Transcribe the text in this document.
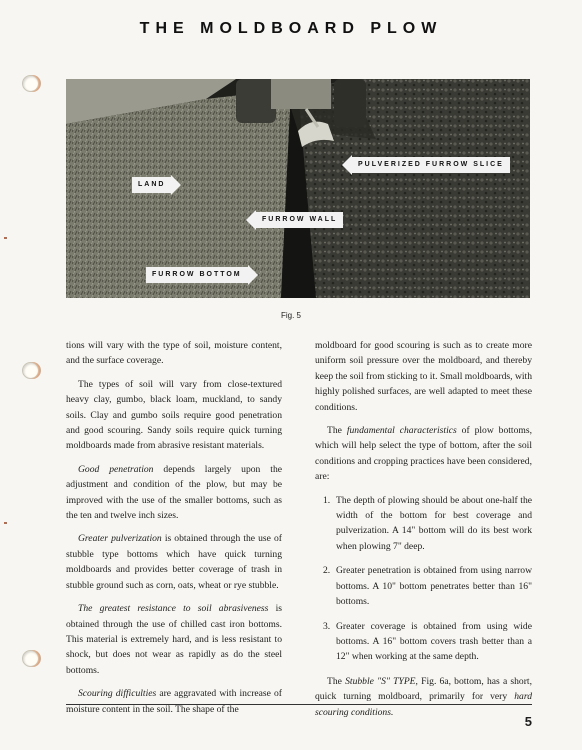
THE MOLDBOARD PLOW
PULVERIZED FURROW SLICE
LAND
FURROW WALL
FURROW BOTTOM
Fig. 5

tions will vary with the type of soil, moisture content, and the surface coverage.

The types of soil will vary from close-textured heavy clay, gumbo, black loam, muckland, to sandy soils. Clay and gumbo soils require good penetration and good scouring. Sandy soils require quick turning moldboards made from abrasive resistant materials.

Good penetration depends largely upon the adjustment and condition of the plow, but may be improved with the use of the smaller bottoms, such as the ten and twelve inch sizes.

Greater pulverization is obtained through the use of stubble type bottoms which have quick turning moldboards and provides better coverage of trash in stubble ground such as corn, oats, wheat or rye stubble.

The greatest resistance to soil abrasiveness is obtained through the use of chilled cast iron bottoms. This material is extremely hard, and is less resistant to shock, but does not wear as rapidly as do the steel bottoms.

Scouring difficulties are aggravated with increase of moisture content in the soil. The shape of the

moldboard for good scouring is such as to create more uniform soil pressure over the moldboard, and thereby keep the soil from sticking to it. Small moldboards, with highly polished surfaces, are well adapted to meet these conditions.

The fundamental characteristics of plow bottoms, which will help select the type of bottom, after the soil conditions and cropping practices have been considered, are:

1. The depth of plowing should be about one-half the width of the bottom for best coverage and pulverization. A 14" bottom will do its best work when plowing 7" deep.
2. Greater penetration is obtained from using narrow bottoms. A 10" bottom penetrates better than 16" bottoms.
3. Greater coverage is obtained from using wide bottoms. A 16" bottom covers trash better than a 12" when working at the same depth.

The Stubble "S" TYPE, Fig. 6a, bottom, has a short, quick turning moldboard, primarily for very hard scouring conditions.

5
